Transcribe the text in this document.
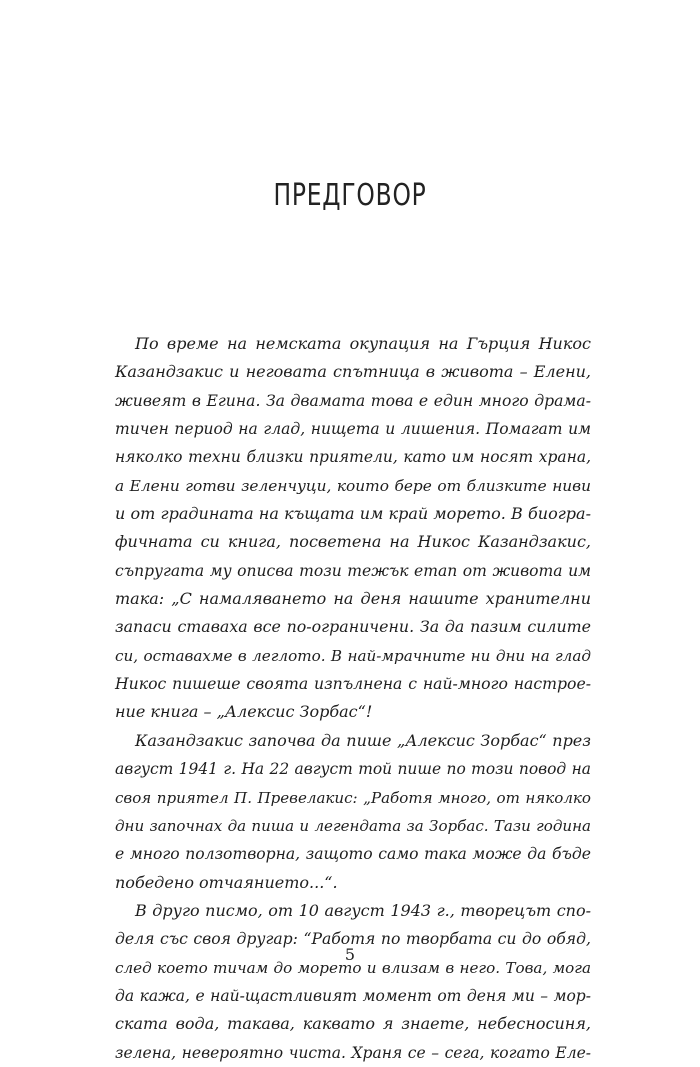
ПРЕДГОВОР
По време на немската окупация на Гърция Никос
Казандзакис и неговата спътница в живота – Елени,
живеят в Егина. За двамата това е един много драма-
тичен период на глад, нищета и лишения. Помагат им
няколко техни близки приятели, като им носят храна,
а Елени готви зеленчуци, които бере от близките ниви
и от градината на къщата им край морето. В биогра-
фичната си книга, посветена на Никос Казандзакис,
съпругата му описва този тежък етап от живота им
така: „С намаляването на деня нашите хранителни
запаси ставаха все по-ограничени. За да пазим силите
си, оставахме в леглото. В най-мрачните ни дни на глад
Никос пишеше своята изпълнена с най-много настрое-
ние книга – „Алексис Зорбас“!
Казандзакис започва да пише „Алексис Зорбас“ през
август 1941 г. На 22 август той пише по този повод на
своя приятел П. Превелакис: „Работя много, от няколко
дни започнах да пиша и легендата за Зорбас. Тази година
е много ползотворна, защото само така може да бъде
победено отчаянието...“.
В друго писмо, от 10 август 1943 г., творецът спо-
деля със своя другар: “Работя по творбата си до обяд,
след което тичам до морето и влизам в него. Това, мога
да кажа, е най-щастливият момент от деня ми – мор-
ската вода, такава, каквато я знаете, небесносиня,
зелена, невероятно чиста. Храня се – сега, когато Еле-
5
